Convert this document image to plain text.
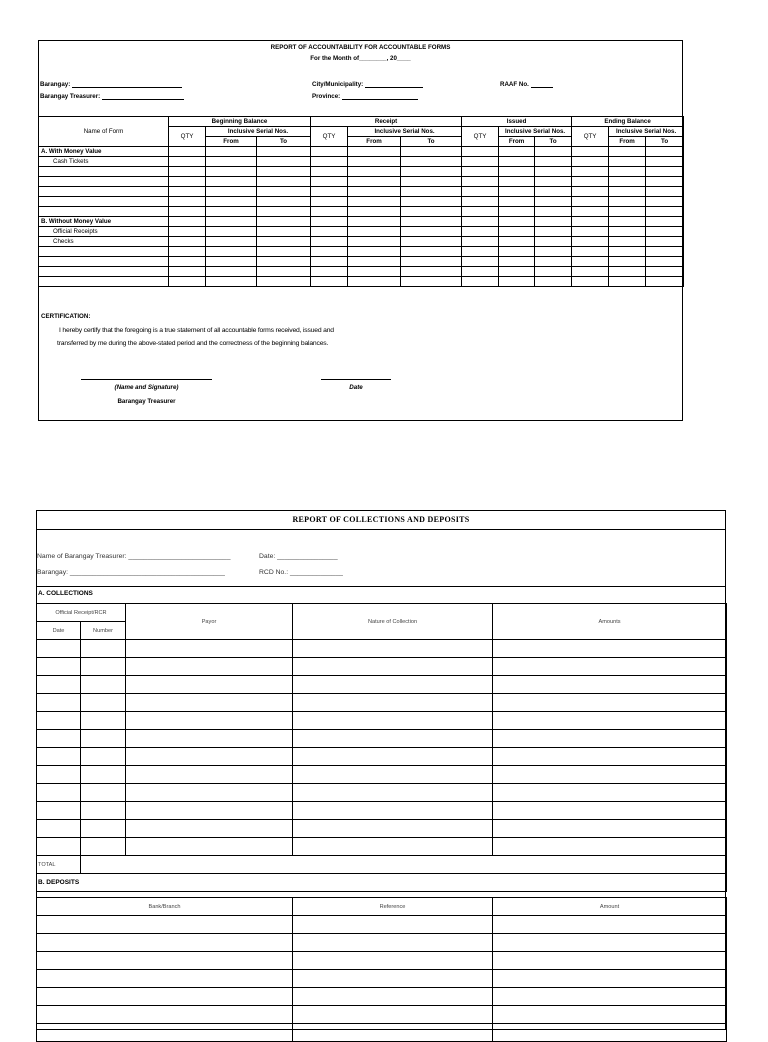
REPORT OF ACCOUNTABILITY FOR ACCOUNTABLE FORMS
For the Month of________, 20____
Barangay:
Barangay Treasurer:
City/Municipality:
Province:
RAAF No.
Name of Form	Beginning Balance			Receipt			Issued			Ending Balance		
	QTY	Inclusive Serial Nos.		QTY	Inclusive Serial Nos.		QTY	Inclusive Serial Nos.		QTY	Inclusive Serial Nos.	
		From	To		From	To		From	To		From	To
A. With Money Value												
Cash Tickets												

B. Without Money Value												
Official Receipts												
Checks												

CERTIFICATION:
I hereby certify that the foregoing is a true statement of all accountable forms received, issued and
transferred by me during the above-stated period and the correctness of the beginning balances.
(Name and Signature)
Barangay Treasurer
Date
REPORT OF COLLECTIONS AND DEPOSITS
Name of Barangay Treasurer: ___________________________	Date: ________________
Barangay: _________________________________________	RCD No.: ______________
A. COLLECTIONS
Official Receipt/RCR		Payor	Nature of Collection	Amounts
Date	Number			

TOTAL				
B. DEPOSITS				
Bank/Branch	Reference	Amount
